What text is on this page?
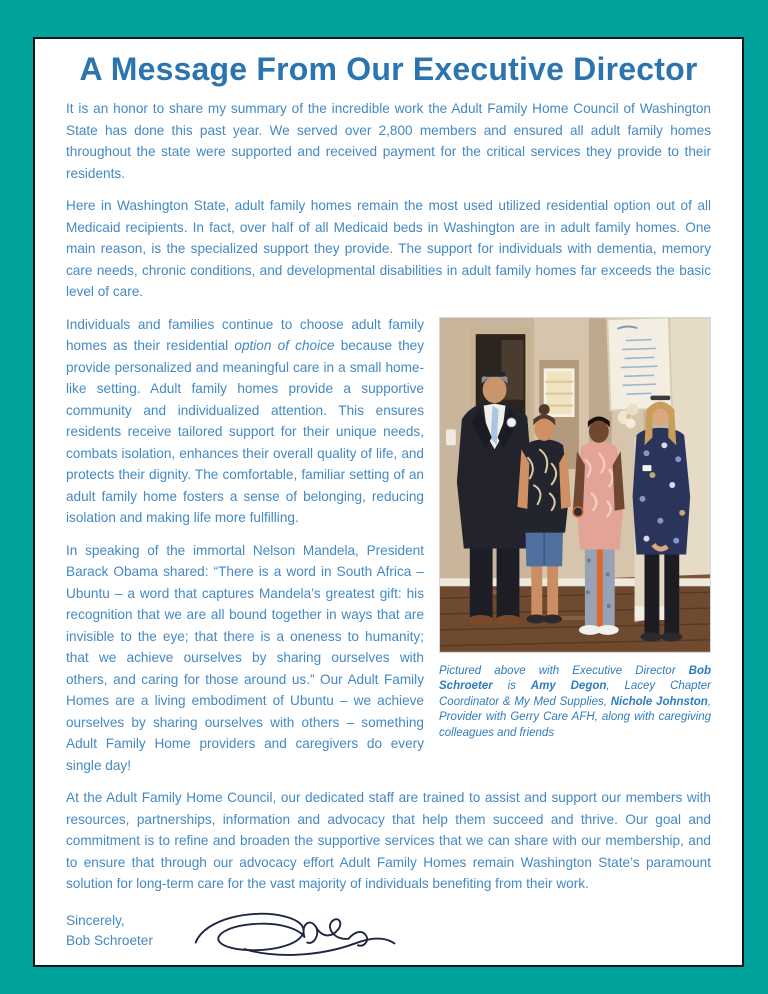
A Message From Our Executive Director

It is an honor to share my summary of the incredible work the Adult Family Home Council of Washington State has done this past year. We served over 2,800 members and ensured all adult family homes throughout the state were supported and received payment for the critical services they provide to their residents.

Here in Washington State, adult family homes remain the most used utilized residential option out of all Medicaid recipients. In fact, over half of all Medicaid beds in Washington are in adult family homes. One main reason, is the specialized support they provide. The support for individuals with dementia, memory care needs, chronic conditions, and developmental disabilities in adult family homes far exceeds the basic level of care.

Pictured above with Executive Director Bob Schroeter is Amy Degon, Lacey Chapter Coordinator & My Med Supplies, Nichole Johnston, Provider with Gerry Care AFH, along with caregiving colleagues and friends

Individuals and families continue to choose adult family homes as their residential option of choice because they provide personalized and meaningful care in a small home-like setting. Adult family homes provide a supportive community and individualized attention. This ensures residents receive tailored support for their unique needs, combats isolation, enhances their overall quality of life, and protects their dignity. The comfortable, familiar setting of an adult family home fosters a sense of belonging, reducing isolation and making life more fulfilling.

In speaking of the immortal Nelson Mandela, President Barack Obama shared: “There is a word in South Africa – Ubuntu – a word that captures Mandela’s greatest gift: his recognition that we are all bound together in ways that are invisible to the eye; that there is a oneness to humanity; that we achieve ourselves by sharing ourselves with others, and caring for those around us.” Our Adult Family Homes are a living embodiment of Ubuntu – we achieve ourselves by sharing ourselves with others – something Adult Family Home providers and caregivers do every single day!

At the Adult Family Home Council, our dedicated staff are trained to assist and support our members with resources, partnerships, information and advocacy that help them succeed and thrive. Our goal and commitment is to refine and broaden the supportive services that we can share with our membership, and to ensure that through our advocacy effort Adult Family Homes remain Washington State’s paramount solution for long-term care for the vast majority of individuals benefiting from their work.

Sincerely,
Bob Schroeter
